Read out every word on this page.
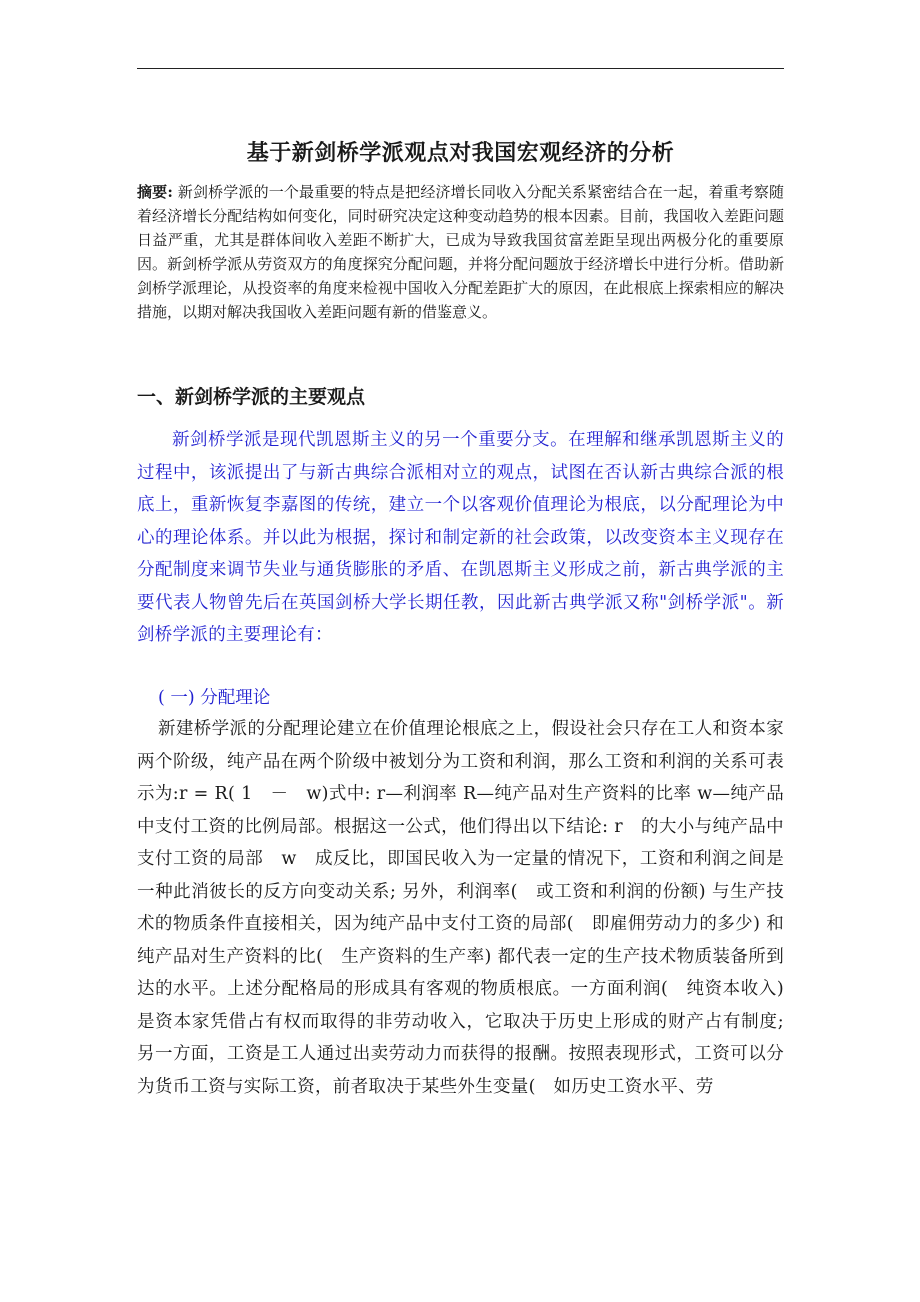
基于新剑桥学派观点对我国宏观经济的分析
摘要: 新剑桥学派的一个最重要的特点是把经济增长同收入分配关系紧密结合在一起，着重考察随着经济增长分配结构如何变化，同时研究决定这种变动趋势的根本因素。目前，我国收入差距问题日益严重，尤其是群体间收入差距不断扩大，已成为导致我国贫富差距呈现出两极分化的重要原因。新剑桥学派从劳资双方的角度探究分配问题，并将分配问题放于经济增长中进行分析。借助新剑桥学派理论，从投资率的角度来检视中国收入分配差距扩大的原因，在此根底上探索相应的解决措施，以期对解决我国收入差距问题有新的借鉴意义。
一、新剑桥学派的主要观点
新剑桥学派是现代凯恩斯主义的另一个重要分支。在理解和继承凯恩斯主义的过程中，该派提出了与新古典综合派相对立的观点，试图在否认新古典综合派的根底上，重新恢复李嘉图的传统，建立一个以客观价值理论为根底，以分配理论为中心的理论体系。并以此为根据，探讨和制定新的社会政策，以改变资本主义现存在分配制度来调节失业与通货膨胀的矛盾、在凯恩斯主义形成之前，新古典学派的主要代表人物曾先后在英国剑桥大学长期任教，因此新古典学派又称"剑桥学派"。新剑桥学派的主要理论有：
( 一) 分配理论
新建桥学派的分配理论建立在价值理论根底之上，假设社会只存在工人和资本家两个阶级，纯产品在两个阶级中被划分为工资和利润，那么工资和利润的关系可表示为:r = R( 1　－　w)式中: r—利润率 R—纯产品对生产资料的比率 w—纯产品中支付工资的比例局部。根据这一公式，他们得出以下结论: r　的大小与纯产品中支付工资的局部　w　成反比，即国民收入为一定量的情况下，工资和利润之间是一种此消彼长的反方向变动关系; 另外，利润率(　或工资和利润的份额) 与生产技术的物质条件直接相关，因为纯产品中支付工资的局部(　即雇佣劳动力的多少) 和纯产品对生产资料的比(　生产资料的生产率) 都代表一定的生产技术物质装备所到达的水平。上述分配格局的形成具有客观的物质根底。一方面利润(　纯资本收入) 是资本家凭借占有权而取得的非劳动收入，它取决于历史上形成的财产占有制度; 另一方面，工资是工人通过出卖劳动力而获得的报酬。按照表现形式，工资可以分为货币工资与实际工资，前者取决于某些外生变量(　如历史工资水平、劳
